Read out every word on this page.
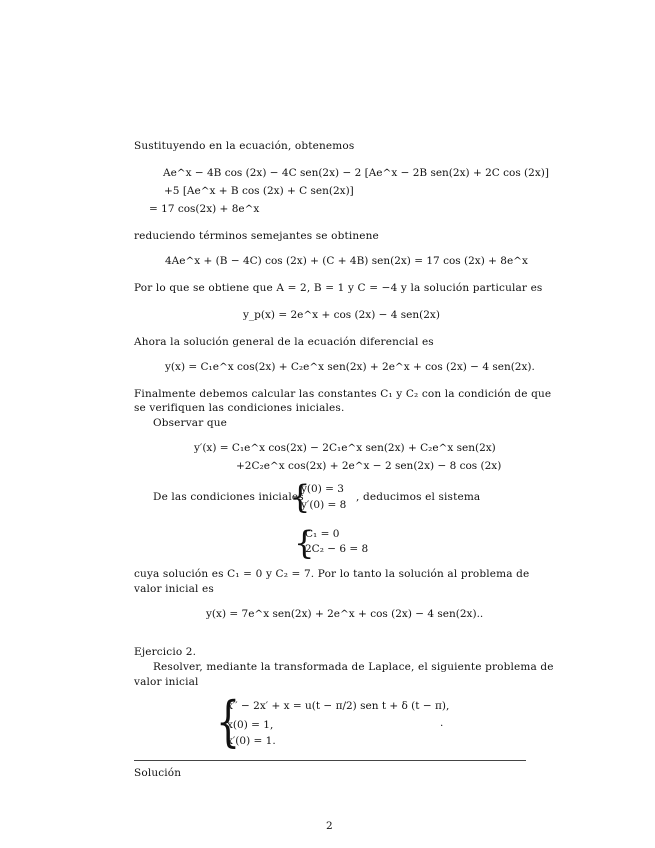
Sustituyendo en la ecuación, obtenemos
Ae^x − 4B cos (2x) − 4C sen(2x) − 2 [Ae^x − 2B sen(2x) + 2C cos (2x)]
+5 [Ae^x + B cos (2x) + C sen(2x)]
= 17 cos(2x) + 8e^x
reduciendo términos semejantes se obtinene
4Ae^x + (B − 4C) cos (2x) + (C + 4B) sen(2x) = 17 cos (2x) + 8e^x
Por lo que se obtiene que A = 2, B = 1 y C = −4 y la solución particular es
y_p(x) = 2e^x + cos (2x) − 4 sen(2x)
Ahora la solución general de la ecuación diferencial es
y(x) = C₁e^x cos(2x) + C₂e^x sen(2x) + 2e^x + cos (2x) − 4 sen(2x).
Finalmente debemos calcular las constantes C₁ y C₂ con la condición de que
se verifiquen las condiciones iniciales.
Observar que
y′(x) = C₁e^x cos(2x) − 2C₁e^x sen(2x) + C₂e^x sen(2x)
+2C₂e^x cos(2x) + 2e^x − 2 sen(2x) − 8 cos (2x)
De las condiciones iniciales
{
y(0) = 3
y′(0) = 8
, deducimos el sistema
{
C₁ = 0
2C₂ − 6 = 8
cuya solución es C₁ = 0 y C₂ = 7. Por lo tanto la solución al problema de
valor inicial es
y(x) = 7e^x sen(2x) + 2e^x + cos (2x) − 4 sen(2x)..
Ejercicio 2.
Resolver, mediante la transformada de Laplace, el siguiente problema de
valor inicial
{
x′′ − 2x′ + x = u(t − π/2) sen t + δ (t − π),
x(0) = 1,
x′(0) = 1.
.
Solución
2
